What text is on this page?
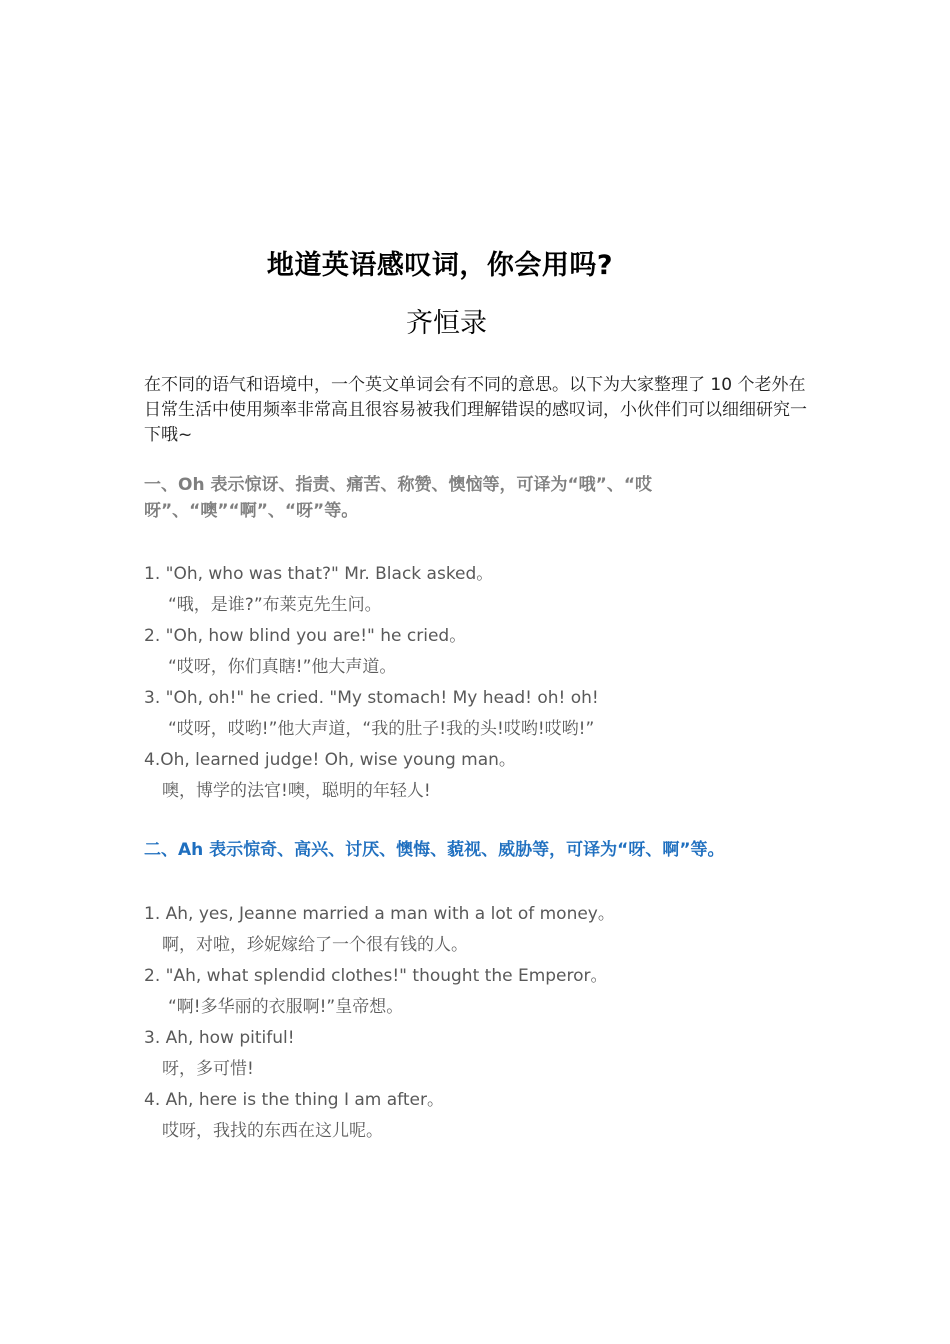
地道英语感叹词，你会用吗?
齐恒录
在不同的语气和语境中，一个英文单词会有不同的意思。以下为大家整理了 10 个老外在日常生活中使用频率非常高且很容易被我们理解错误的感叹词，小伙伴们可以细细研究一下哦~
一、Oh 表示惊讶、指责、痛苦、称赞、懊恼等，可译为“哦”、“哎呀”、“噢”“啊”、“呀”等。
1. "Oh, who was that?" Mr. Black asked。
“哦，是谁?”布莱克先生问。
2. "Oh, how blind you are!" he cried。
“哎呀，你们真瞎!”他大声道。
3. "Oh, oh!" he cried. "My stomach! My head! oh! oh!
“哎呀，哎哟!”他大声道，“我的肚子!我的头!哎哟!哎哟!”
4.Oh, learned judge! Oh, wise young man。
噢，博学的法官!噢，聪明的年轻人!
二、Ah 表示惊奇、高兴、讨厌、懊悔、藐视、威胁等，可译为“呀、啊”等。
1. Ah, yes, Jeanne married a man with a lot of money。
啊，对啦，珍妮嫁给了一个很有钱的人。
2. "Ah, what splendid clothes!" thought the Emperor。
“啊!多华丽的衣服啊!”皇帝想。
3. Ah, how pitiful!
呀，多可惜!
4. Ah, here is the thing I am after。
哎呀，我找的东西在这儿呢。
